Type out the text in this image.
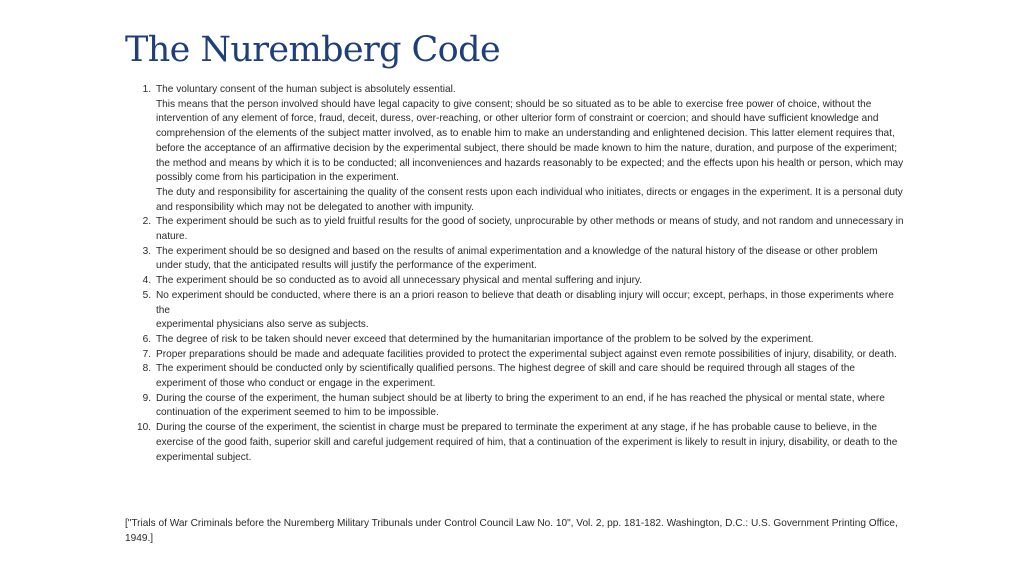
The Nuremberg Code
1. The voluntary consent of the human subject is absolutely essential.

This means that the person involved should have legal capacity to give consent; should be so situated as to be able to exercise free power of choice, without the intervention of any element of force, fraud, deceit, duress, over-reaching, or other ulterior form of constraint or coercion; and should have sufficient knowledge and comprehension of the elements of the subject matter involved, as to enable him to make an understanding and enlightened decision. This latter element requires that, before the acceptance of an affirmative decision by the experimental subject, there should be made known to him the nature, duration, and purpose of the experiment; the method and means by which it is to be conducted; all inconveniences and hazards reasonably to be expected; and the effects upon his health or person, which may possibly come from his participation in the experiment.

The duty and responsibility for ascertaining the quality of the consent rests upon each individual who initiates, directs or engages in the experiment. It is a personal duty and responsibility which may not be delegated to another with impunity.

2. The experiment should be such as to yield fruitful results for the good of society, unprocurable by other methods or means of study, and not random and unnecessary in nature.

3. The experiment should be so designed and based on the results of animal experimentation and a knowledge of the natural history of the disease or other problem under study, that the anticipated results will justify the performance of the experiment.

4. The experiment should be so conducted as to avoid all unnecessary physical and mental suffering and injury.

5. No experiment should be conducted, where there is an a priori reason to believe that death or disabling injury will occur; except, perhaps, in those experiments where the

experimental physicians also serve as subjects.

6. The degree of risk to be taken should never exceed that determined by the humanitarian importance of the problem to be solved by the experiment.

7. Proper preparations should be made and adequate facilities provided to protect the experimental subject against even remote possibilities of injury, disability, or death.

8. The experiment should be conducted only by scientifically qualified persons. The highest degree of skill and care should be required through all stages of the experiment of those who conduct or engage in the experiment.

9. During the course of the experiment, the human subject should be at liberty to bring the experiment to an end, if he has reached the physical or mental state, where continuation of the experiment seemed to him to be impossible.

10. During the course of the experiment, the scientist in charge must be prepared to terminate the experiment at any stage, if he has probable cause to believe, in the exercise of the good faith, superior skill and careful judgement required of him, that a continuation of the experiment is likely to result in injury, disability, or death to the experimental subject.

["Trials of War Criminals before the Nuremberg Military Tribunals under Control Council Law No. 10", Vol. 2, pp. 181-182. Washington, D.C.: U.S. Government Printing Office, 1949.]
